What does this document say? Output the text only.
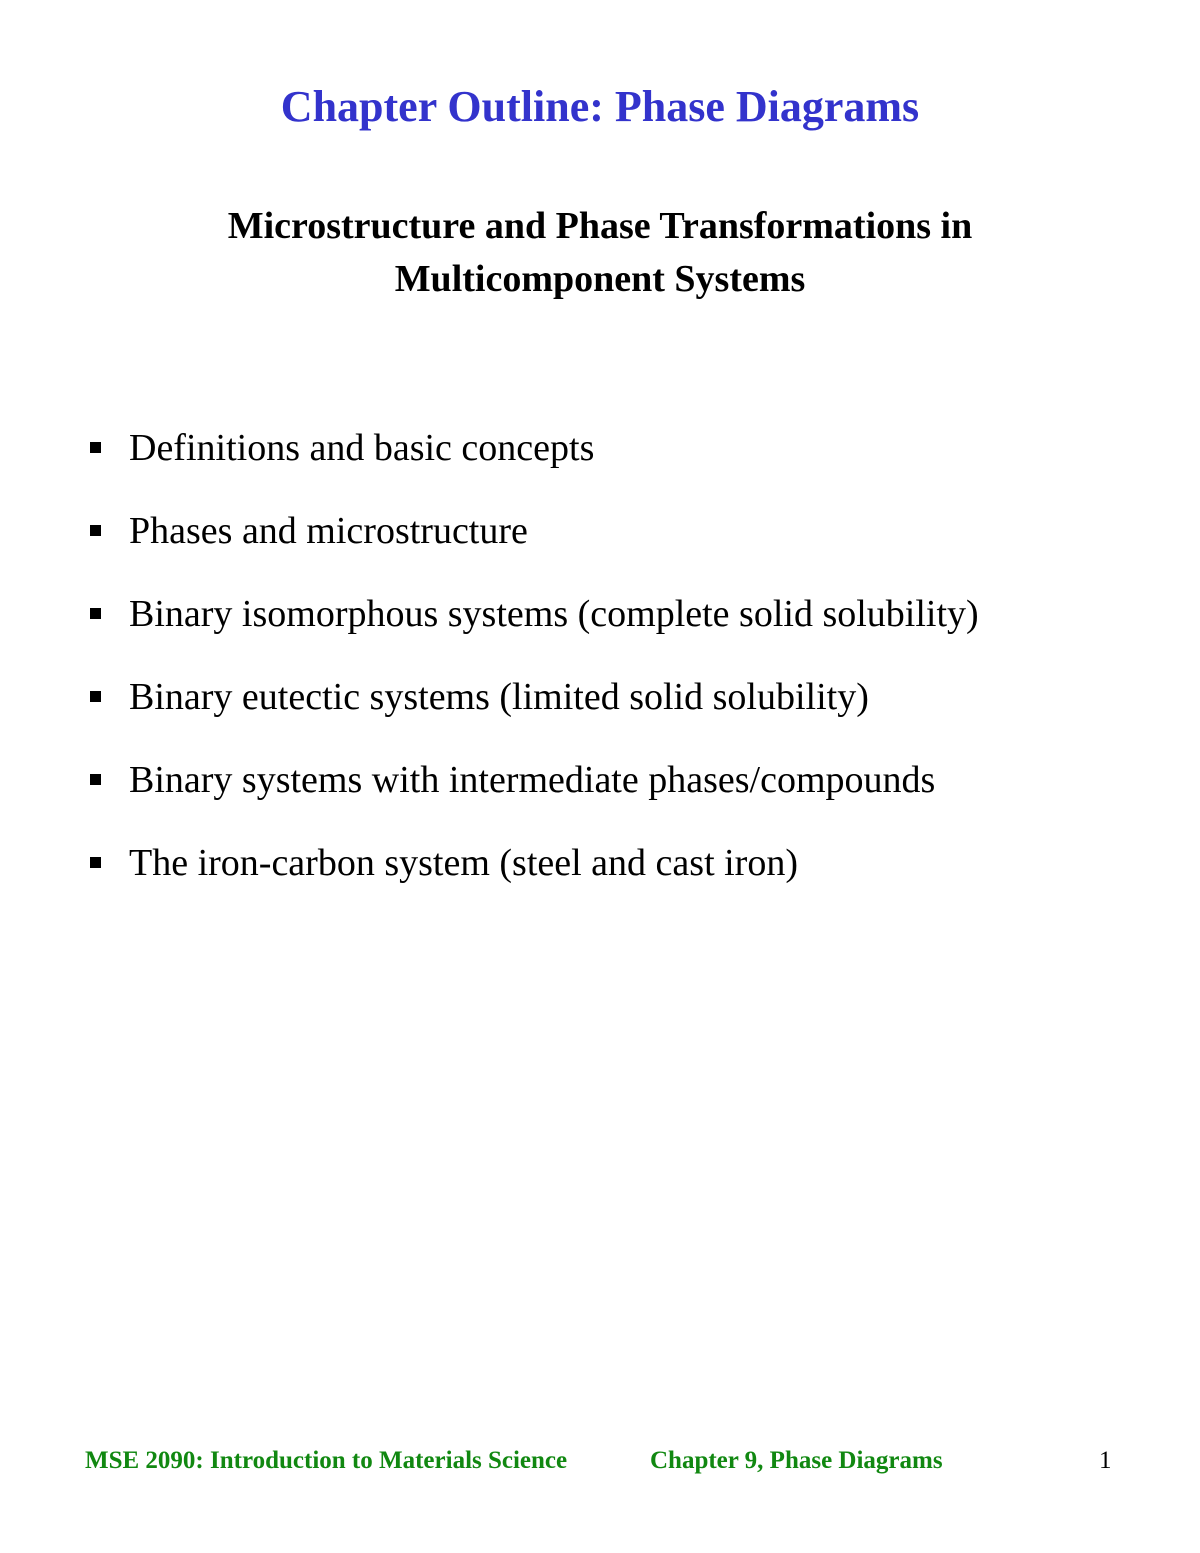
Chapter Outline: Phase Diagrams
Microstructure and Phase Transformations in
Multicomponent Systems
Definitions and basic concepts
Phases and microstructure
Binary isomorphous systems (complete solid solubility)
Binary eutectic systems (limited solid solubility)
Binary systems with intermediate phases/compounds
The iron-carbon system (steel and cast iron)
MSE 2090: Introduction to Materials Science	Chapter 9, Phase Diagrams	1
